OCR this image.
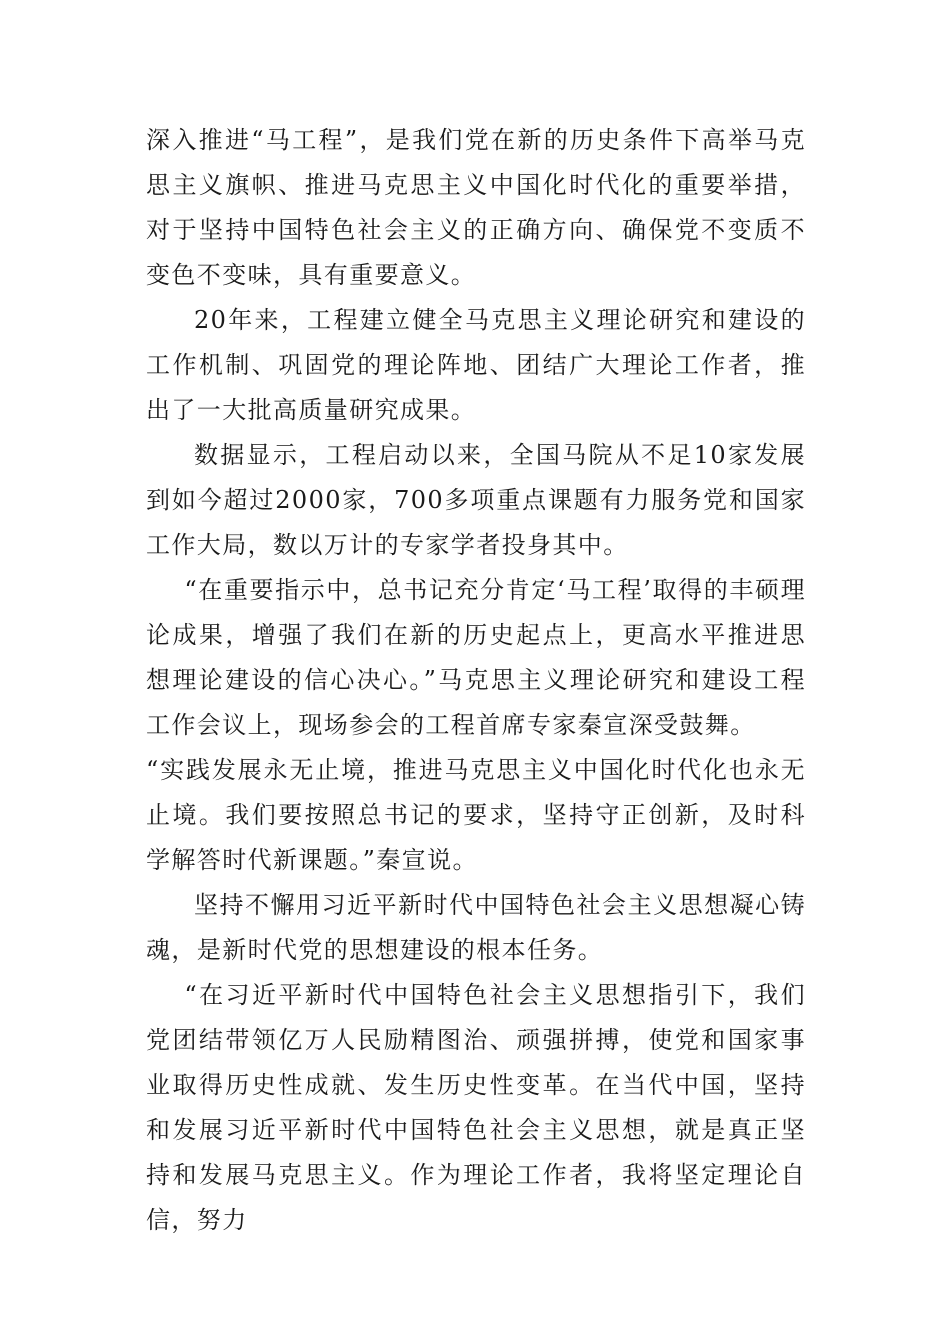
深入推进“马工程”，是我们党在新的历史条件下高举马克思主义旗帜、推进马克思主义中国化时代化的重要举措，对于坚持中国特色社会主义的正确方向、确保党不变质不变色不变味，具有重要意义。

20年来，工程建立健全马克思主义理论研究和建设的工作机制、巩固党的理论阵地、团结广大理论工作者，推出了一大批高质量研究成果。

数据显示，工程启动以来，全国马院从不足10家发展到如今超过2000家，700多项重点课题有力服务党和国家工作大局，数以万计的专家学者投身其中。

“在重要指示中，总书记充分肯定‘马工程’取得的丰硕理论成果，增强了我们在新的历史起点上，更高水平推进思想理论建设的信心决心。”马克思主义理论研究和建设工程工作会议上，现场参会的工程首席专家秦宣深受鼓舞。

“实践发展永无止境，推进马克思主义中国化时代化也永无止境。我们要按照总书记的要求，坚持守正创新，及时科学解答时代新课题。”秦宣说。

坚持不懈用习近平新时代中国特色社会主义思想凝心铸魂，是新时代党的思想建设的根本任务。

“在习近平新时代中国特色社会主义思想指引下，我们党团结带领亿万人民励精图治、顽强拼搏，使党和国家事业取得历史性成就、发生历史性变革。在当代中国，坚持和发展习近平新时代中国特色社会主义思想，就是真正坚持和发展马克思主义。作为理论工作者，我将坚定理论自信，努力
